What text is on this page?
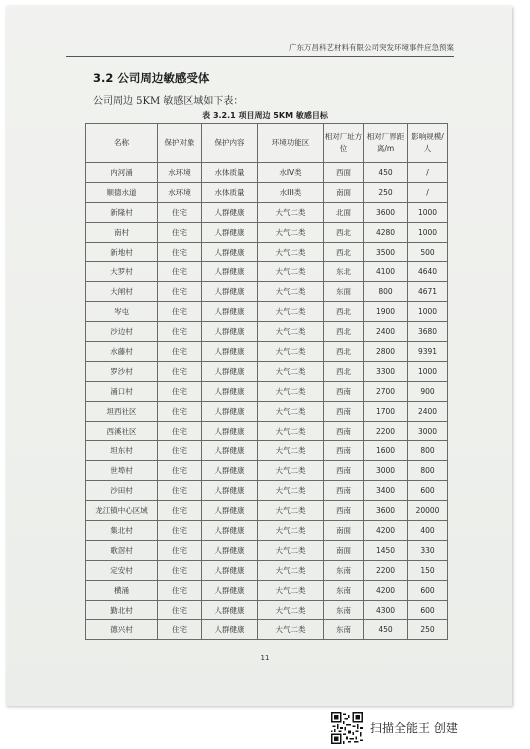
广东万昌科艺材料有限公司突发环境事件应急预案
11
3.2 公司周边敏感受体
公司周边 5KM 敏感区域如下表：
表 3.2.1 项目周边 5KM 敏感目标
名称	保护对象	保护内容	环境功能区	相对厂址方位	相对厂界距离/m	影响规模/人
内河涌	水环境	水体质量	水IV类	西面	450	/
顺德水道	水环境	水体质量	水III类	南面	250	/
新隆村	住宅	人群健康	大气二类	北面	3600	1000
南村	住宅	人群健康	大气二类	西北	4280	1000
新地村	住宅	人群健康	大气二类	西北	3500	500
大罗村	住宅	人群健康	大气二类	东北	4100	4640
大闸村	住宅	人群健康	大气二类	东面	800	4671
岑屯	住宅	人群健康	大气二类	西北	1900	1000
沙边村	住宅	人群健康	大气二类	西北	2400	3680
水藤村	住宅	人群健康	大气二类	西北	2800	9391
罗沙村	住宅	人群健康	大气二类	西北	3300	1000
涌口村	住宅	人群健康	大气二类	西南	2700	900
坦西社区	住宅	人群健康	大气二类	西南	1700	2400
西溪社区	住宅	人群健康	大气二类	西南	2200	3000
坦东村	住宅	人群健康	大气二类	西南	1600	800
世埠村	住宅	人群健康	大气二类	西南	3000	800
沙田村	住宅	人群健康	大气二类	西南	3400	600
龙江镇中心区域	住宅	人群健康	大气二类	西南	3600	20000
集北村	住宅	人群健康	大气二类	南面	4200	400
歌滘村	住宅	人群健康	大气二类	南面	1450	330
定安村	住宅	人群健康	大气二类	东南	2200	150
横涌	住宅	人群健康	大气二类	东南	4200	600
勤北村	住宅	人群健康	大气二类	东南	4300	600
德兴村	住宅	人群健康	大气二类	东南	450	250
扫描全能王 创建
